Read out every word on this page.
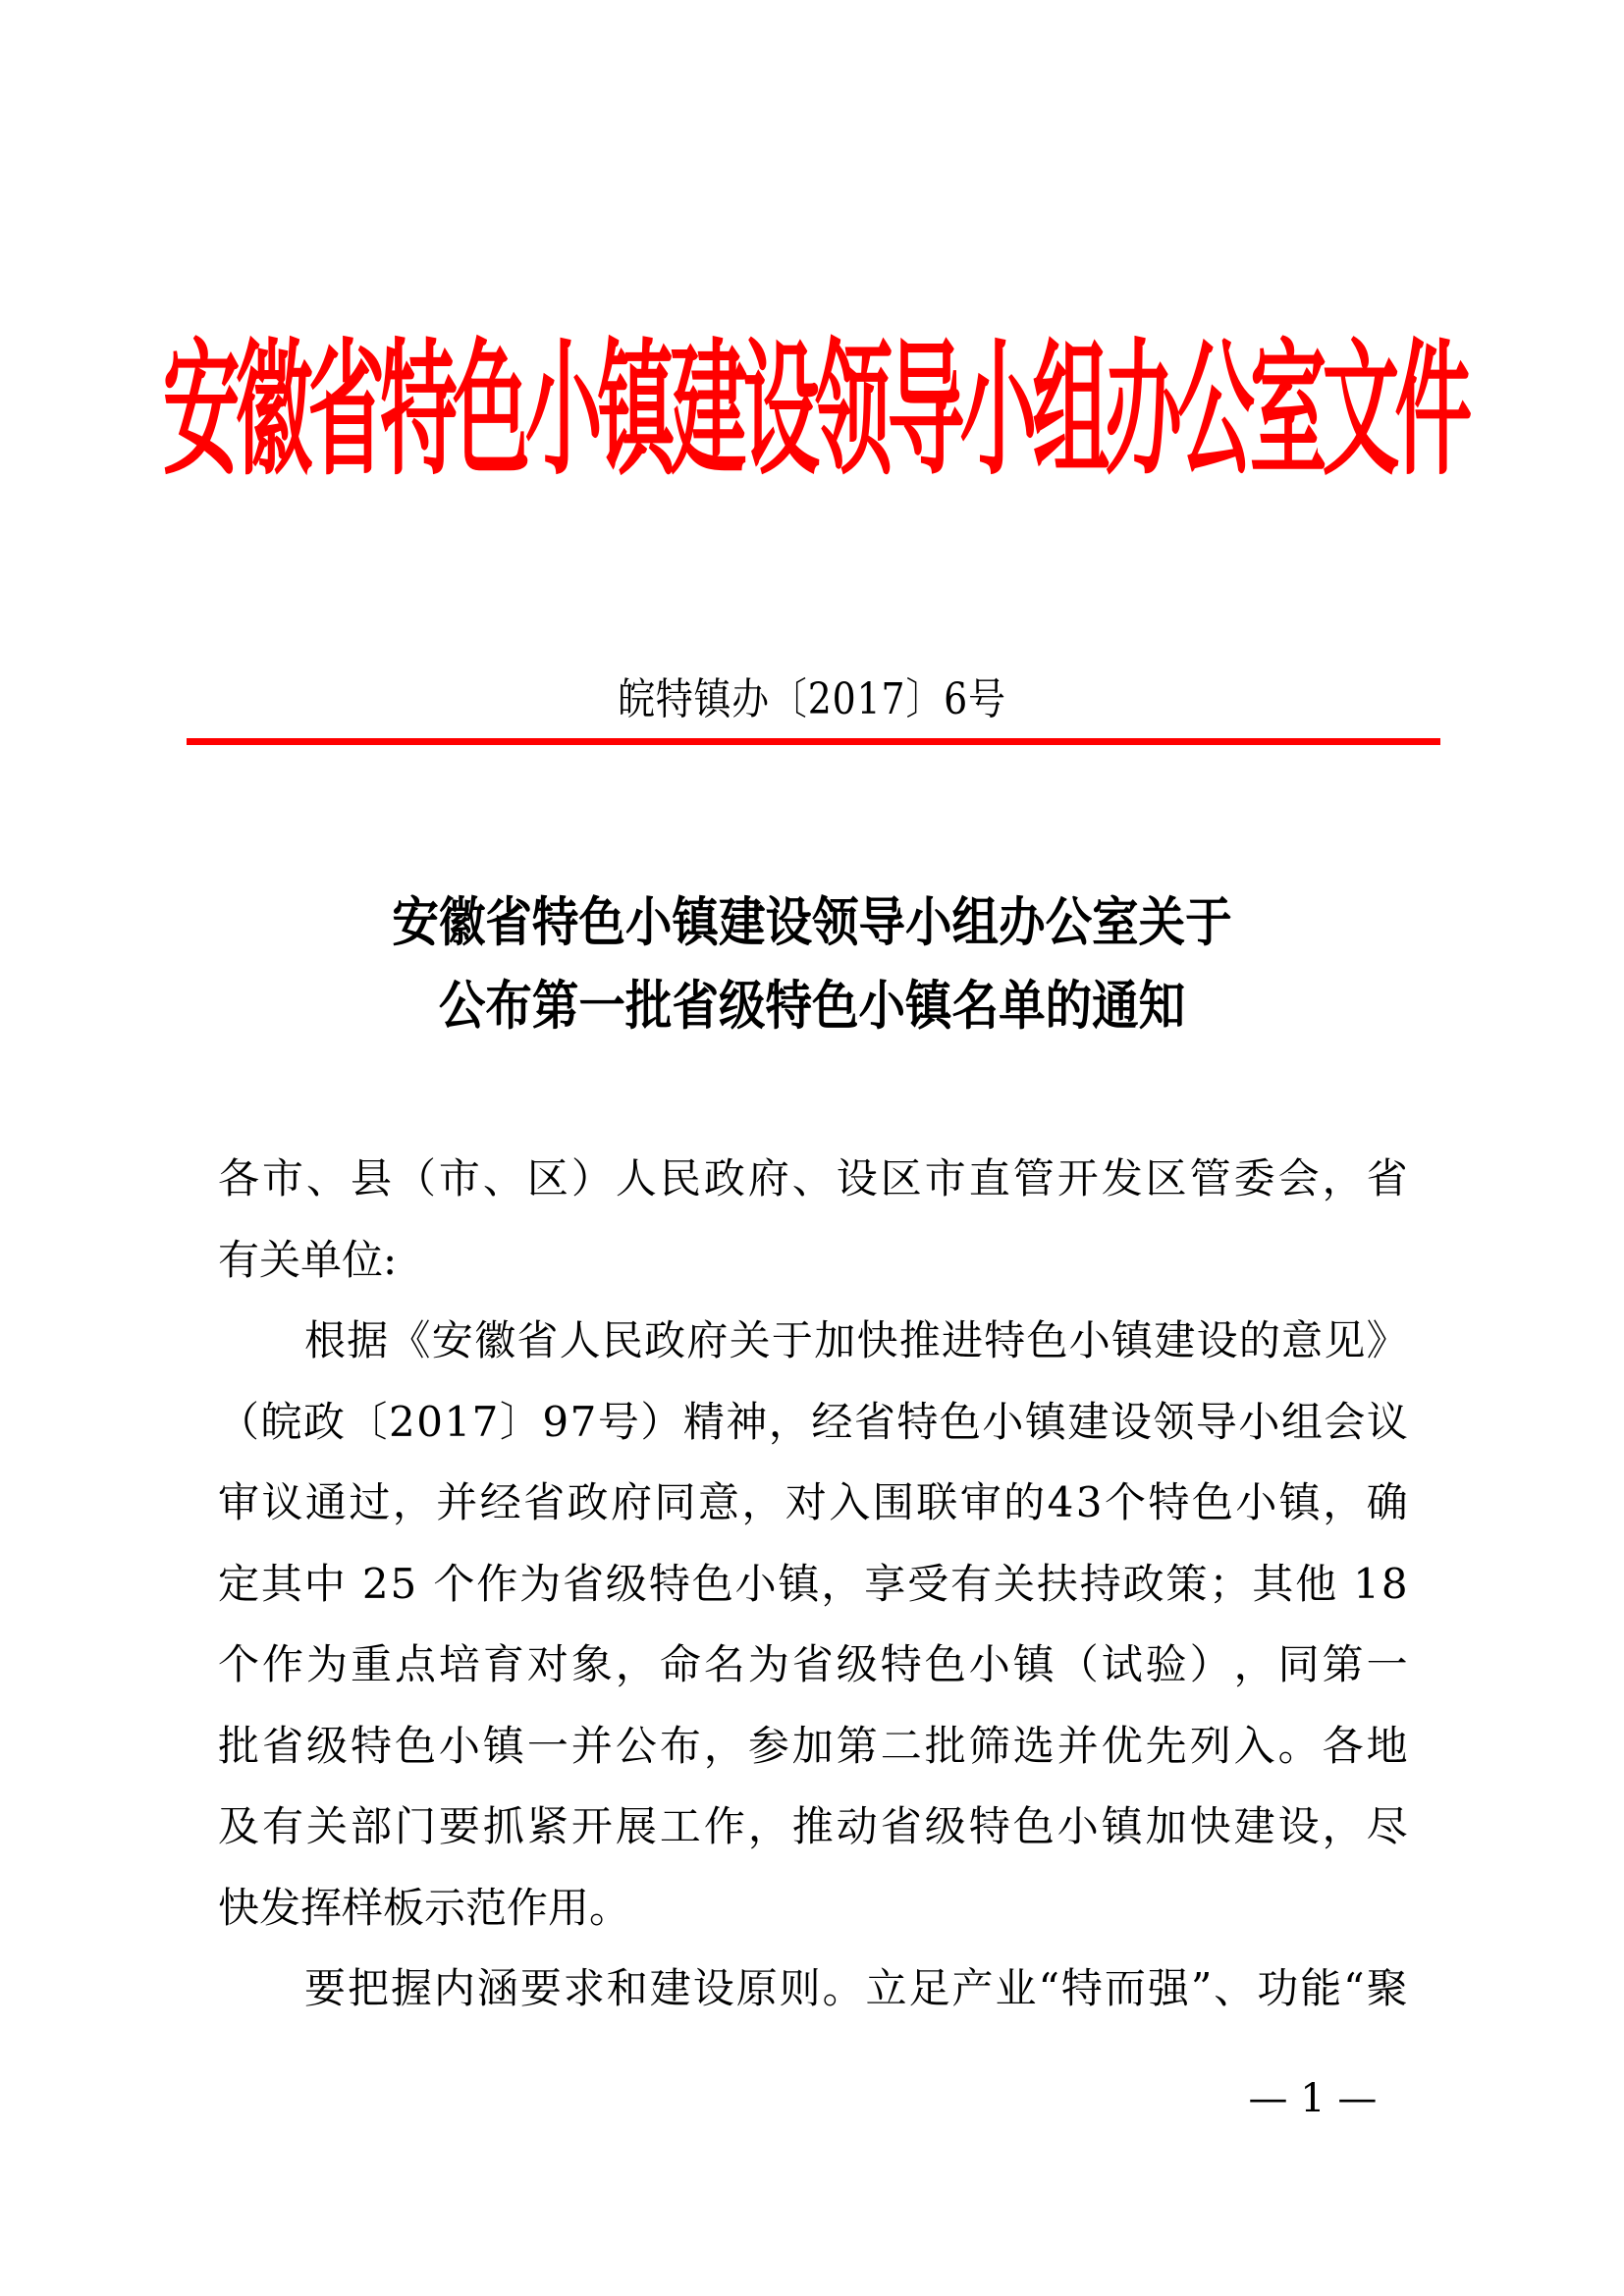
安徽省特色小镇建设领导小组办公室文件
皖特镇办〔2017〕6号
安徽省特色小镇建设领导小组办公室关于
公布第一批省级特色小镇名单的通知
各 市 、 县 （ 市 、 区 ） 人 民 政 府 、 设 区 市 直 管 开 发 区 管 委 会 ， 省
有关单位:
根 据 《 安 徽 省 人 民 政 府 关 于 加 快 推 进 特 色 小 镇 建 设 的 意 见 》
（ 皖 政 〔 2 0 1 7 〕 9 7 号 ） 精 神 ， 经 省 特 色 小 镇 建 设 领 导 小 组 会 议
审 议 通 过 ， 并 经 省 政 府 同 意 ， 对 入 围 联 审 的 4 3 个 特 色 小 镇 ， 确
定 其 中
2 5
个 作 为 省 级 特 色 小 镇 ， 享 受 有 关 扶 持 政 策 ； 其 他
1 8
个 作 为 重 点 培 育 对 象 ， 命 名 为 省 级 特 色 小 镇 （ 试 验 ） ， 同 第 一
批 省 级 特 色 小 镇 一 并 公 布 ， 参 加 第 二 批 筛 选 并 优 先 列 入 。 各 地
及 有 关 部 门 要 抓 紧 开 展 工 作 ， 推 动 省 级 特 色 小 镇 加 快 建 设 ， 尽
快发挥样板示范作用。
要 把 握 内 涵 要 求 和 建 设 原 则 。 立 足 产 业 “ 特 而 强 ” 、 功 能 “ 聚
— 1 —
